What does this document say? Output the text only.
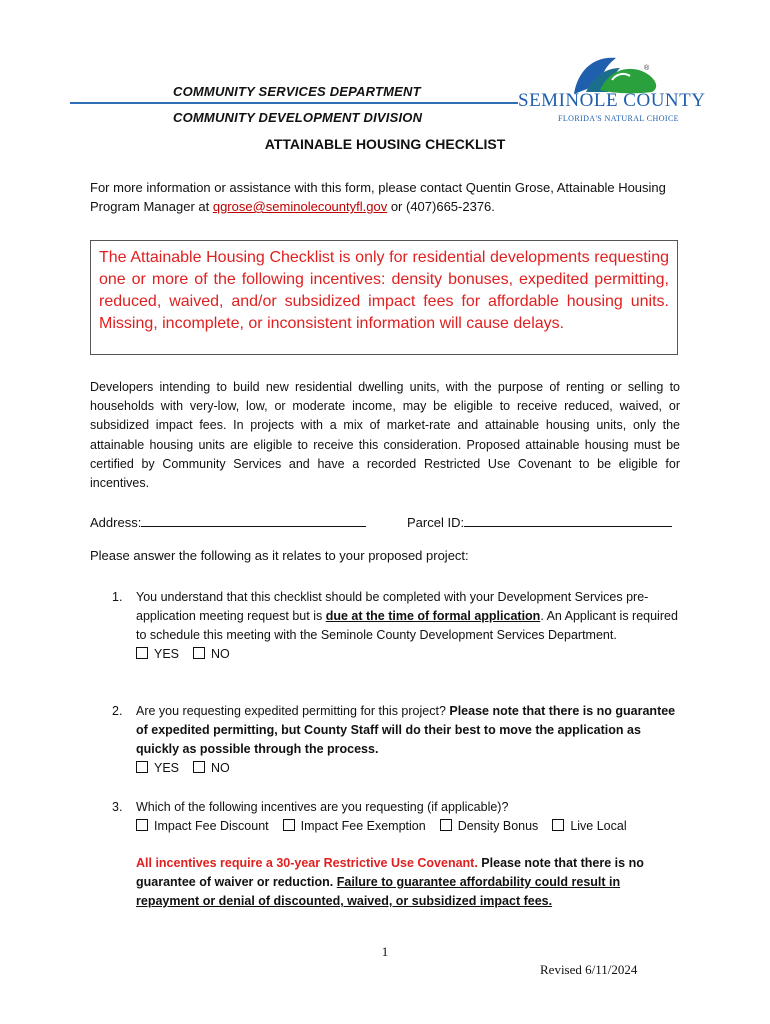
COMMUNITY SERVICES DEPARTMENT
COMMUNITY DEVELOPMENT DIVISION
®
SEMINOLE COUNTY
FLORIDA'S NATURAL CHOICE
ATTAINABLE HOUSING CHECKLIST
For more information or assistance with this form, please contact Quentin Grose, Attainable Housing Program Manager at qgrose@seminolecountyfl.gov or (407)665-2376.
The Attainable Housing Checklist is only for residential developments requesting one or more of the following incentives: density bonuses, expedited permitting, reduced, waived, and/or subsidized impact fees for affordable housing units. Missing, incomplete, or inconsistent information will cause delays.
Developers intending to build new residential dwelling units, with the purpose of renting or selling to households with very-low, low, or moderate income, may be eligible to receive reduced, waived, or subsidized impact fees. In projects with a mix of market-rate and attainable housing units, only the attainable housing units are eligible to receive this consideration. Proposed attainable housing must be certified by Community Services and have a recorded Restricted Use Covenant to be eligible for incentives.
Address:	Parcel ID:
Please answer the following as it relates to your proposed project:
1. You understand that this checklist should be completed with your Development Services pre-application meeting request but is due at the time of formal application. An Applicant is required to schedule this meeting with the Seminole County Development Services Department.
YES	NO
2. Are you requesting expedited permitting for this project? Please note that there is no guarantee of expedited permitting, but County Staff will do their best to move the application as quickly as possible through the process.
YES	NO
3. Which of the following incentives are you requesting (if applicable)?
Impact Fee Discount	Impact Fee Exemption	Density Bonus	Live Local
All incentives require a 30-year Restrictive Use Covenant. Please note that there is no guarantee of waiver or reduction. Failure to guarantee affordability could result in repayment or denial of discounted, waived, or subsidized impact fees.
1
Revised 6/11/2024
